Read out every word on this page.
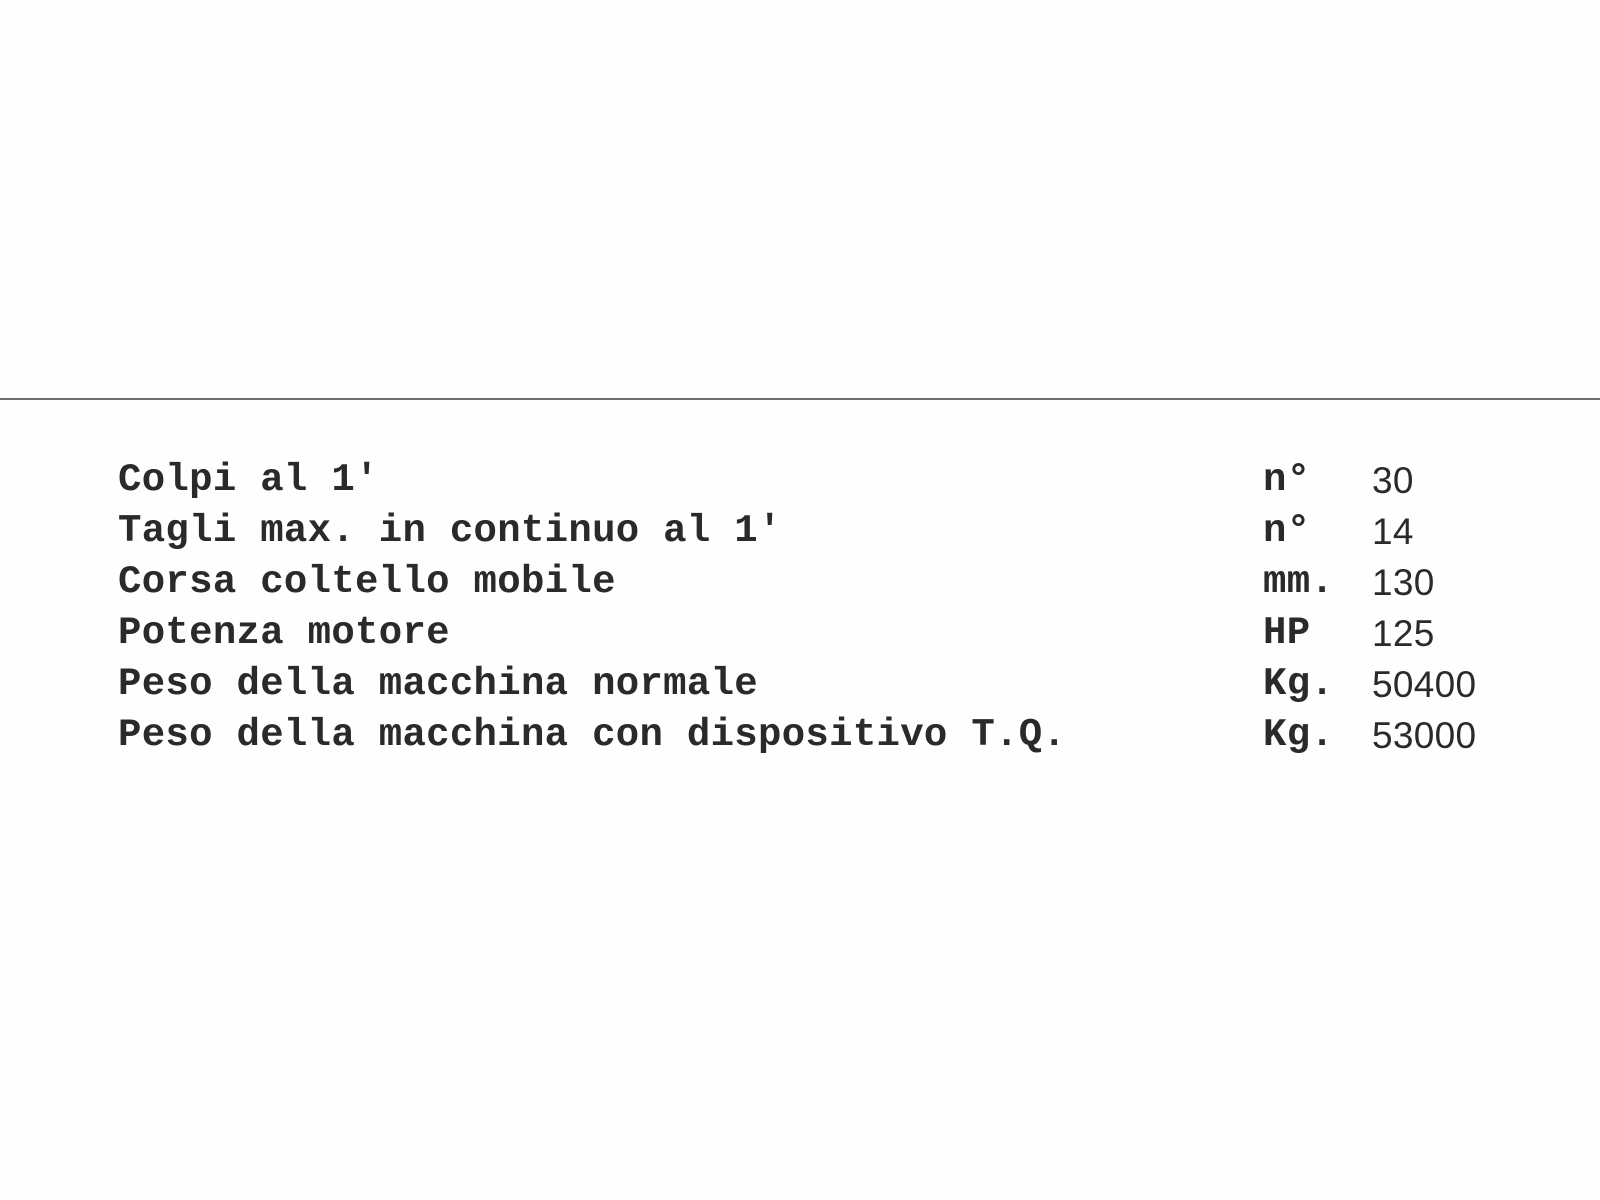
Colpi al 1'	n° 30
Tagli max. in continuo al 1'	n° 14
Corsa coltello mobile	mm. 130
Potenza motore	HP 125
Peso della macchina normale	Kg. 50400
Peso della macchina con dispositivo T.Q.	Kg. 53000
